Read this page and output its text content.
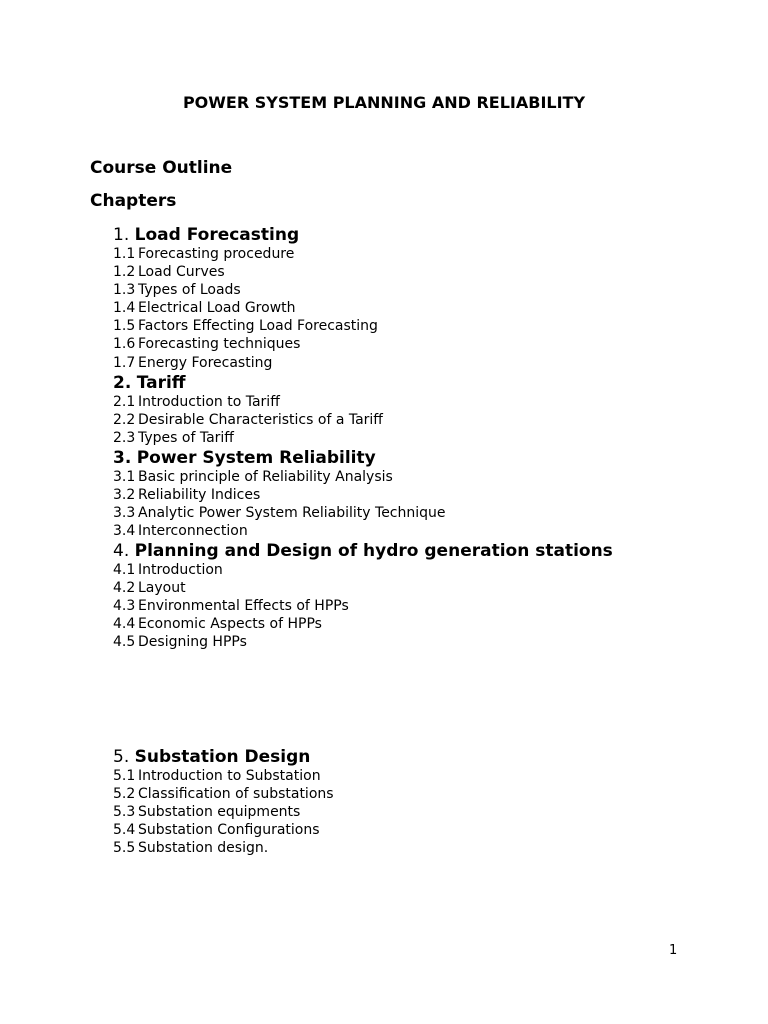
POWER SYSTEM PLANNING AND RELIABILITY
Course Outline
Chapters
1. Load Forecasting
1.1 Forecasting procedure
1.2 Load Curves
1.3 Types of Loads
1.4 Electrical Load Growth
1.5 Factors Effecting Load Forecasting
1.6 Forecasting techniques
1.7 Energy Forecasting
2. Tariff
2.1 Introduction to Tariff
2.2 Desirable Characteristics of a Tariff
2.3 Types of Tariff
3. Power System Reliability
3.1 Basic principle of Reliability Analysis
3.2 Reliability Indices
3.3 Analytic Power System Reliability Technique
3.4 Interconnection
4. Planning and Design of hydro generation stations
4.1 Introduction
4.2 Layout
4.3 Environmental Effects of HPPs
4.4 Economic Aspects of HPPs
4.5 Designing HPPs
5. Substation Design
5.1 Introduction to Substation
5.2 Classification of substations
5.3 Substation equipments
5.4 Substation Configurations
5.5 Substation design.
1
